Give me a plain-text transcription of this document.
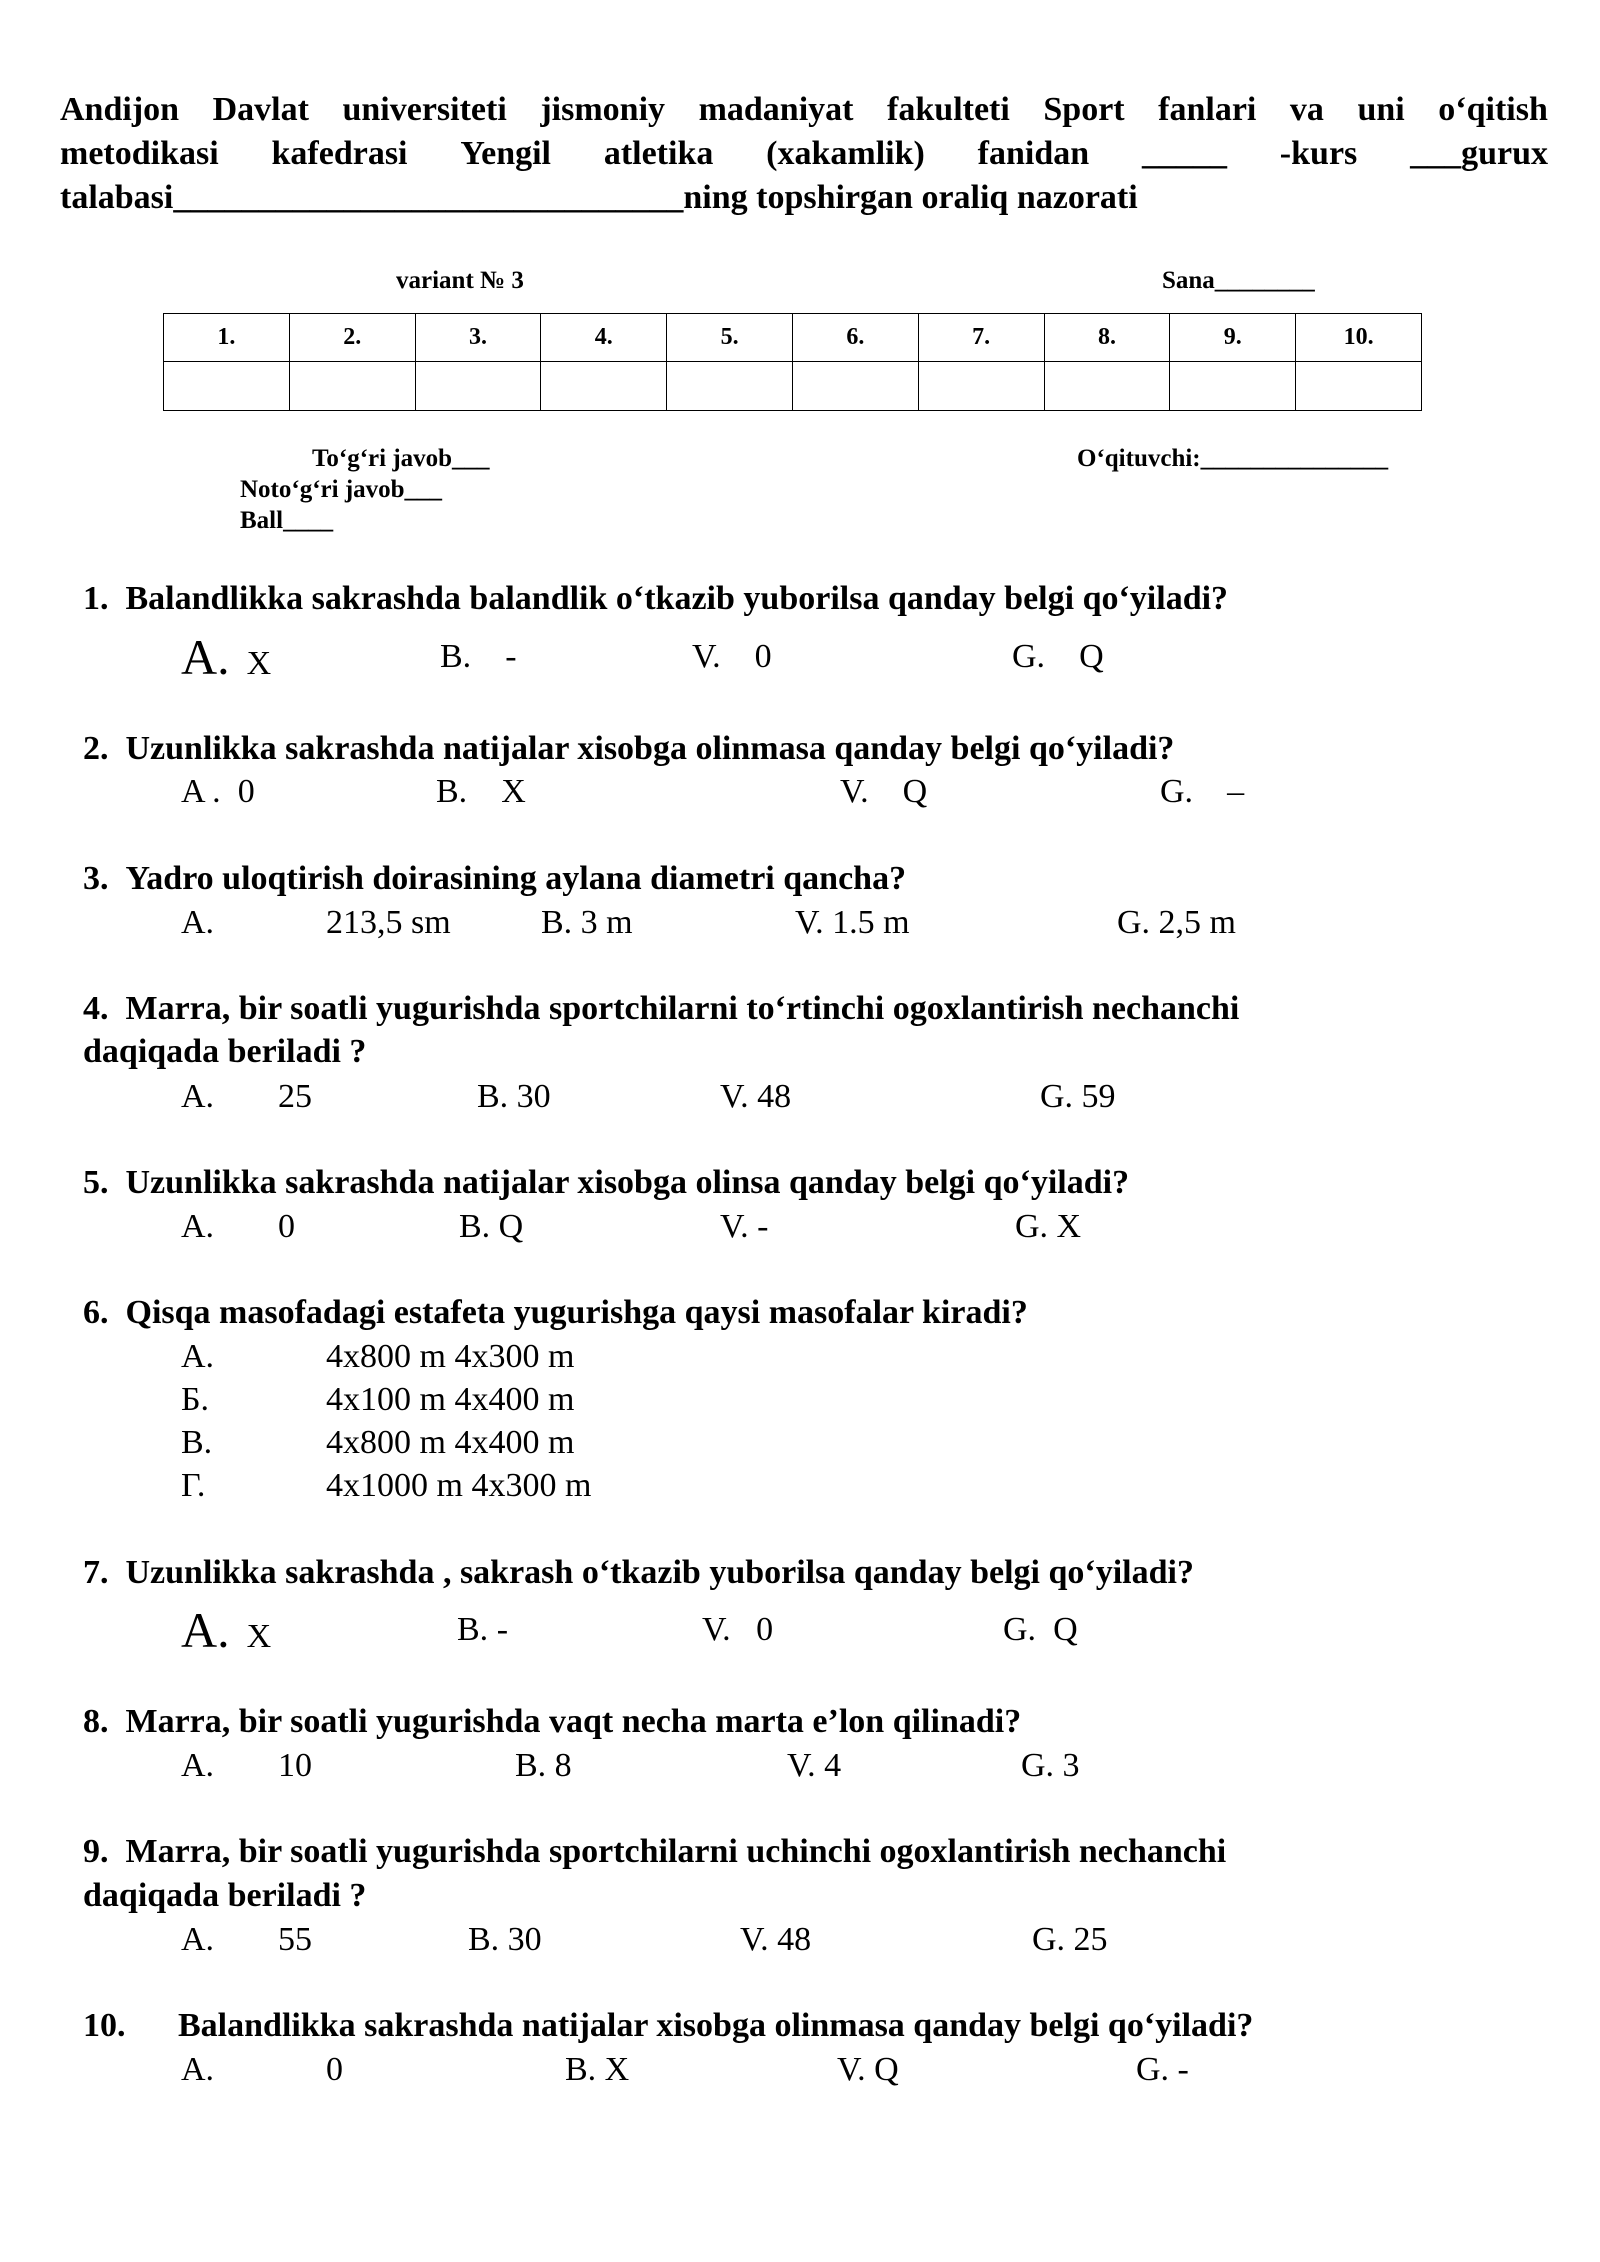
Andijon Davlat universiteti jismoniy madaniyat fakulteti Sport fanlari va uni o‘qitish
metodikasi kafedrasi Yengil atletika (xakamlik) fanidan _____ -kurs ___gurux
talabasi______________________________ning topshirgan oraliq nazorati
variant № 3	Sana________
1.	2.	3.	4.	5.	6.	7.	8.	9.	10.

To‘g‘ri javob___
Noto‘g‘ri javob___
Ball____
O‘qituvchi:_______________
1. Balandlikka sakrashda balandlik o‘tkazib yuborilsa qanday belgi qo‘yiladi?
A. X	B. -	V. 0	G. Q
2. Uzunlikka sakrashda natijalar xisobga olinmasa qanday belgi qo‘yiladi?
A . 0	B. X	V. Q	G. –
3. Yadro uloqtirish doirasining aylana diametri qancha?
A.	213,5 sm	B. 3 m	V. 1.5 m	G. 2,5 m
4. Marra, bir soatli yugurishda sportchilarni to‘rtinchi ogoxlantirish nechanchi
daqiqada beriladi ?
A. 25	B. 30	V. 48	G. 59
5. Uzunlikka sakrashda natijalar xisobga olinsa qanday belgi qo‘yiladi?
A. 0	B. Q	V. -	G. X
6. Qisqa masofadagi estafeta yugurishga qaysi masofalar kiradi?
A.	4x800 m 4x300 m
Б.	4x100 m 4x400 m
В.	4x800 m 4x400 m
Г.	4x1000 m 4x300 m
7. Uzunlikka sakrashda , sakrash o‘tkazib yuborilsa qanday belgi qo‘yiladi?
A. X	B. -	V. 0	G. Q
8. Marra, bir soatli yugurishda vaqt necha marta e’lon qilinadi?
A. 10	B. 8	V. 4	G. 3
9. Marra, bir soatli yugurishda sportchilarni uchinchi ogoxlantirish nechanchi
daqiqada beriladi ?
A. 55	B. 30	V. 48	G. 25
10. Balandlikka sakrashda natijalar xisobga olinmasa qanday belgi qo‘yiladi?
A.	0	B. X	V. Q	G. -
